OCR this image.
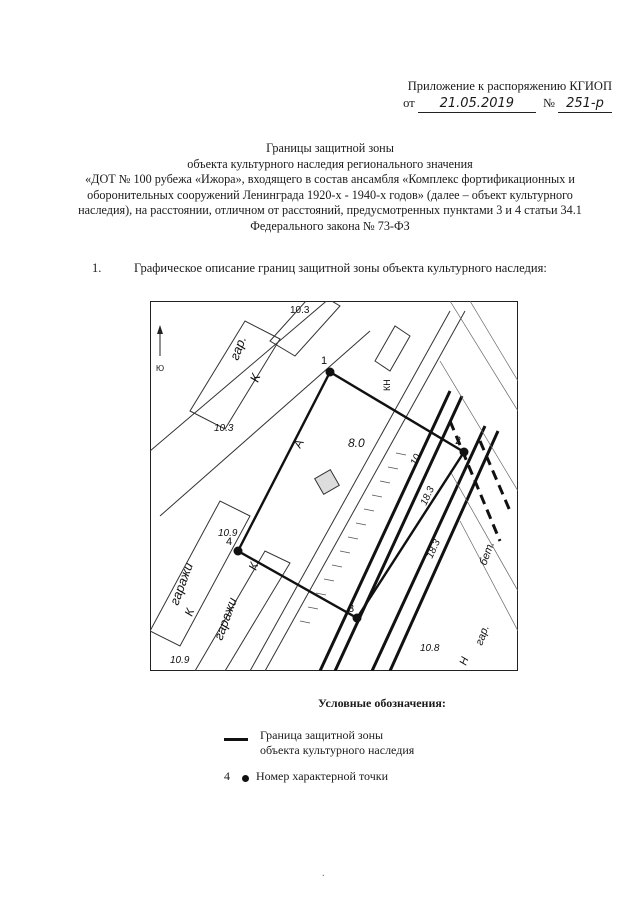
Приложение к распоряжению КГИОП
от 21.05.2019 № 251-р
Границы защитной зоны
объекта культурного наследия регионального значения
«ДОТ № 100 рубежа «Ижора», входящего в состав ансамбля «Комплекс фортификационных и
оборонительных сооружений Ленинграда 1920-х - 1940-х годов» (далее – объект культурного
наследия), на расстоянии, отличном от расстояний, предусмотренных пунктами 3 и 4 статьи 34.1
Федерального закона № 73-ФЗ
1.	Графическое описание границ защитной зоны объекта культурного наследия:
1
2
3
4
Ю
гар.
К
10.3
10.3
8.0
А
10.9
КН
10.
18.3
18.3
10.8
гаражи
К гаражи
К
10.9
бет.
гар.
Н
Условные обозначения:
Граница защитной зоны
объекта культурного наследия
4 Номер характерной точки
.
